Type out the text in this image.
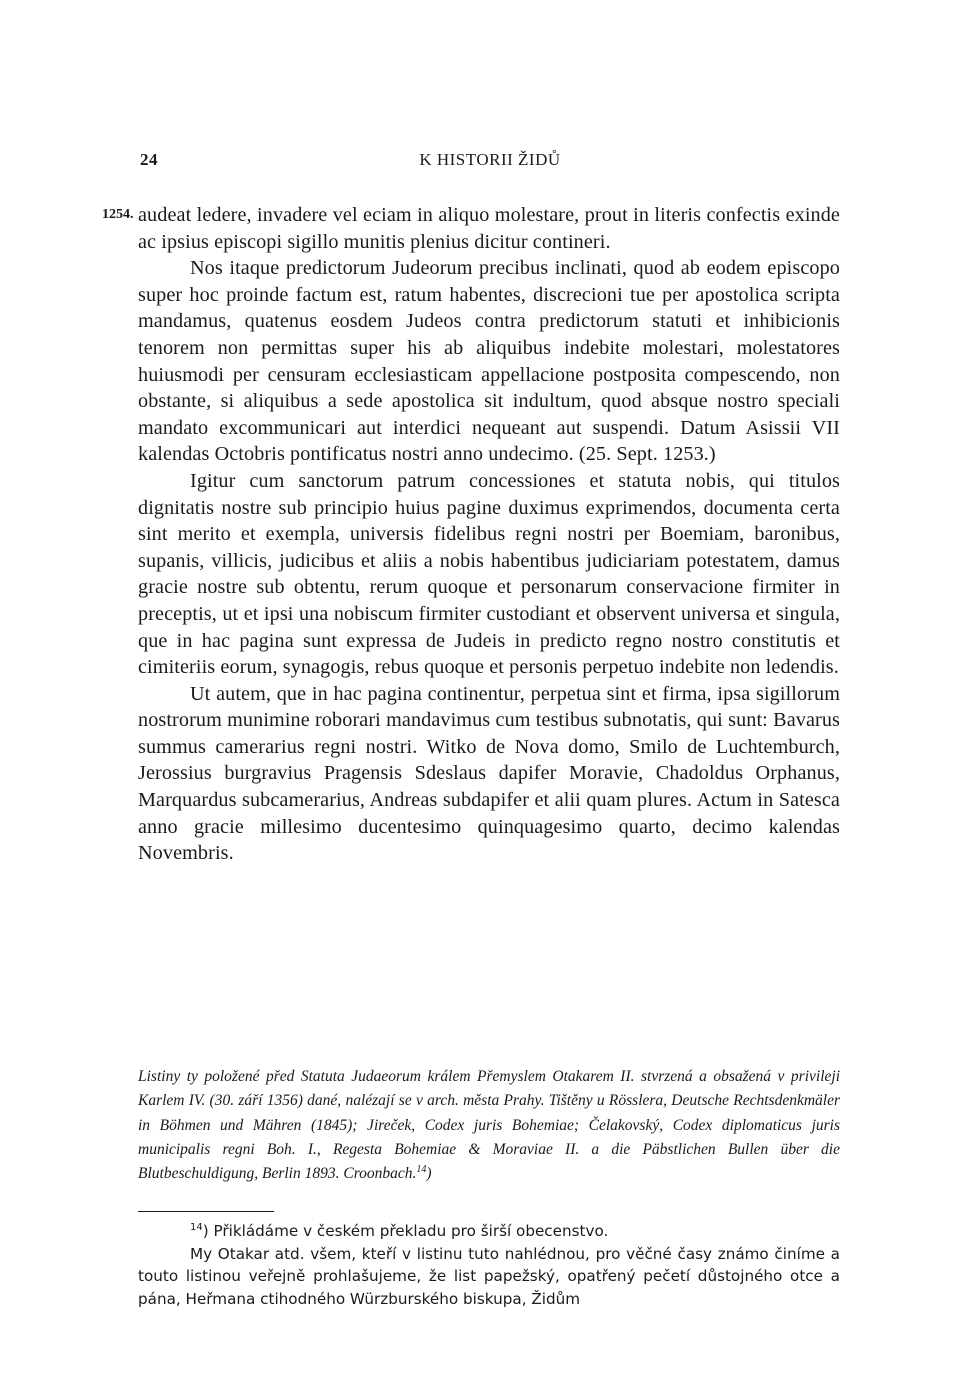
24	K HISTORII ŽIDŮ
1254. audeat ledere, invadere vel eciam in aliquo molestare, prout in literis confectis exinde ac ipsius episcopi sigillo munitis plenius dicitur contineri.

Nos itaque predictorum Judeorum precibus inclinati, quod ab eodem episcopo super hoc proinde factum est, ratum habentes, discrecioni tue per apostolica scripta mandamus, quatenus eosdem Judeos contra predictorum statuti et inhibicionis tenorem non permittas super his ab aliquibus indebite molestari, molestatores huiusmodi per censuram ecclesiasticam appellacione postposita compescendo, non obstante, si aliquibus a sede apostolica sit indultum, quod absque nostro speciali mandato excommunicari aut interdici nequeant aut suspendi. Datum Asissii VII kalendas Octobris pontificatus nostri anno undecimo. (25. Sept. 1253.)

Igitur cum sanctorum patrum concessiones et statuta nobis, qui titulos dignitatis nostre sub principio huius pagine duximus exprimendos, documenta certa sint merito et exempla, universis fidelibus regni nostri per Boemiam, baronibus, supanis, villicis, judicibus et aliis a nobis habentibus judiciariam potestatem, damus gracie nostre sub obtentu, rerum quoque et personarum conservacione firmiter in preceptis, ut et ipsi una nobiscum firmiter custodiant et observent universa et singula, que in hac pagina sunt expressa de Judeis in predicto regno nostro constitutis et cimiteriis eorum, synagogis, rebus quoque et personis perpetuo indebite non ledendis.

Ut autem, que in hac pagina continentur, perpetua sint et firma, ipsa sigillorum nostrorum munimine roborari mandavimus cum testibus subnotatis, qui sunt: Bavarus summus camerarius regni nostri. Witko de Nova domo, Smilo de Luchtemburch, Jerossius burgravius Pragensis Sdeslaus dapifer Moravie, Chadoldus Orphanus, Marquardus subcamerarius, Andreas subdapifer et alii quam plures. Actum in Satesca anno gracie millesimo ducentesimo quinquagesimo quarto, decimo kalendas Novembris.

Listiny ty položené před Statuta Judaeorum králem Přemyslem Otakarem II. stvrzená a obsažená v privileji Karlem IV. (30. září 1356) dané, nalézají se v arch. města Prahy. Tištěny u Rösslera, Deutsche Rechtsdenkmäler in Böhmen und Mähren (1845); Jireček, Codex juris Bohemiae; Čelakovský, Codex diplomaticus juris municipalis regni Boh. I., Regesta Bohemiae & Moraviae II. a die Päbstlichen Bullen über die Blutbeschuldigung, Berlin 1893. Croonbach.$^{14}$)

$^{14}$) Přikládáme v českém překladu pro širší obecenstvo.

My Otakar atd. všem, kteří v listinu tuto nahlédnou, pro věčné časy známo činíme a touto listinou veřejně prohlašujeme, že list papežský, opatřený pečetí důstojného otce a pána, Heřmana ctihodného Würzburského biskupa, Židům
